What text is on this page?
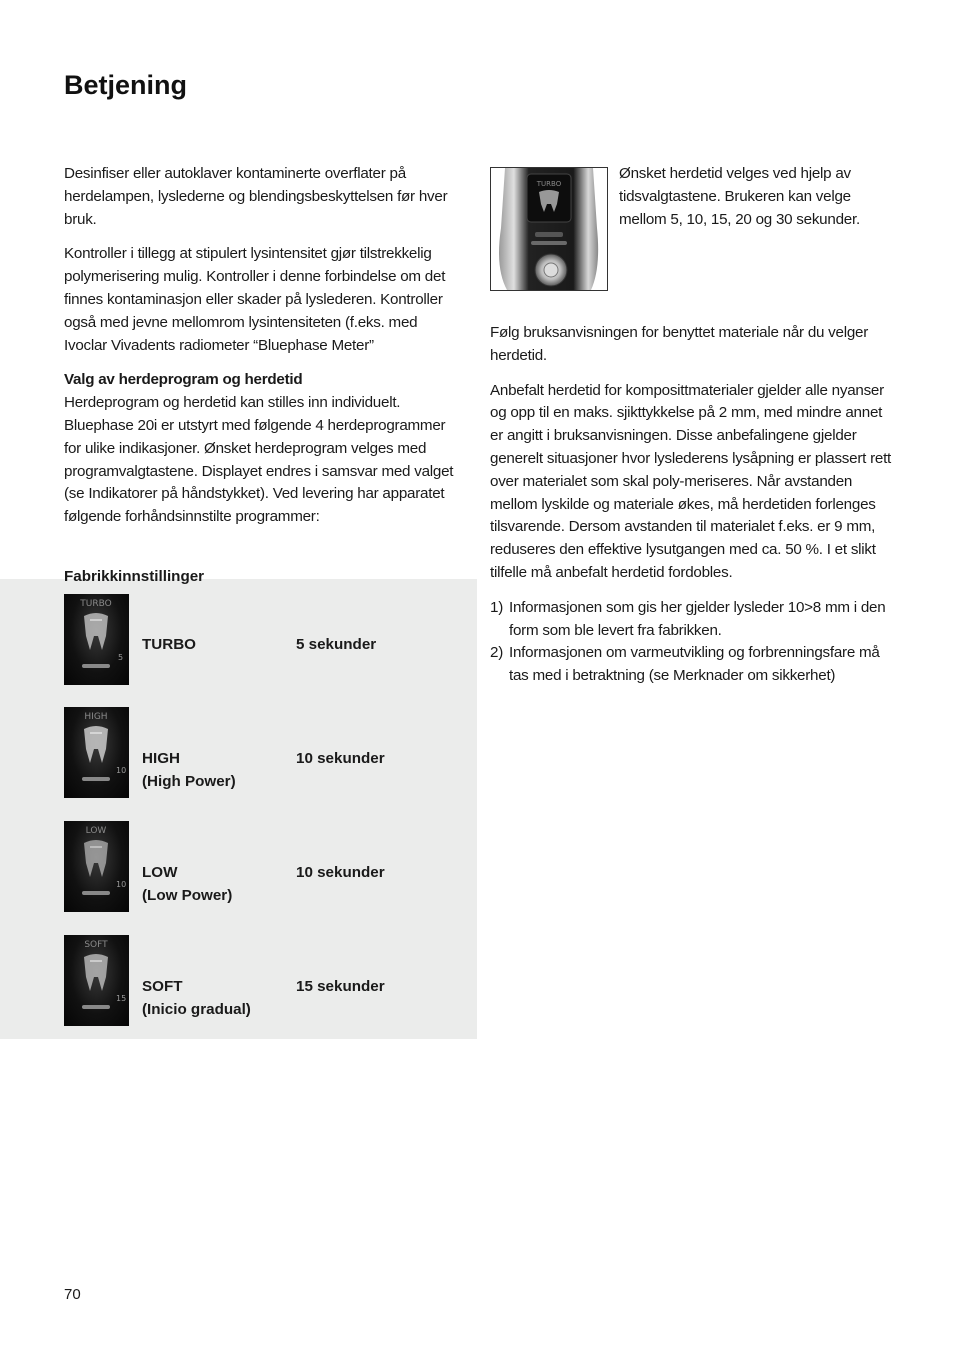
Betjening

Desinfiser eller autoklaver kontaminerte overflater på herdelampen, lyslederne og blendingsbeskyttelsen før hver bruk.

Kontroller i tillegg at stipulert lysintensitet gjør tilstrekkelig polymerisering mulig. Kontroller i denne forbindelse om det finnes kontaminasjon eller skader på lyslederen. Kontroller også med jevne mellomrom lysintensiteten (f.eks. med Ivoclar Vivadents radiometer “Bluephase Meter”

Valg av herdeprogram og herdetid

Herdeprogram og herdetid kan stilles inn individuelt. Bluephase 20i er utstyrt med følgende 4 herdeprogrammer for ulike indikasjoner. Ønsket herdeprogram velges med programvalgtastene. Displayet endres i samsvar med valget (se Indikatorer på håndstykket). Ved levering har apparatet følgende forhåndsinnstilte programmer:

Fabrikkinnstillinger
TURBO
5
TURBO	5 sekunder
HIGH
10
HIGH
(High Power)
10 sekunder
LOW
10
LOW
(Low Power)
10 sekunder
SOFT
15
SOFT
(Inicio gradual)
15 sekunder
TURBO

Ønsket herdetid velges ved hjelp av tidsvalgtastene. Brukeren kan velge mellom 5, 10, 15, 20 og 30 sekunder.

Følg bruksanvisningen for benyttet materiale når du velger herdetid.

Anbefalt herdetid for komposittmaterialer gjelder alle nyanser og opp til en maks. sjikttykkelse på 2 mm, med mindre annet er angitt i bruksanvisningen. Disse anbefalingene gjelder generelt situasjoner hvor lyslederens lysåpning er plassert rett over materialet som skal poly-meriseres. Når avstanden mellom lyskilde og materiale økes, må herdetiden forlenges tilsvarende. Dersom avstanden til materialet f.eks. er 9 mm, reduseres den effektive lysutgangen med ca. 50 %. I et slikt tilfelle må anbefalt herdetid fordobles.

1) Informasjonen som gis her gjelder lysleder 10>8 mm i den form som ble levert fra fabrikken.
2) Informasjonen om varmeutvikling og forbrenningsfare må tas med i betraktning (se Merknader om sikkerhet)
70
